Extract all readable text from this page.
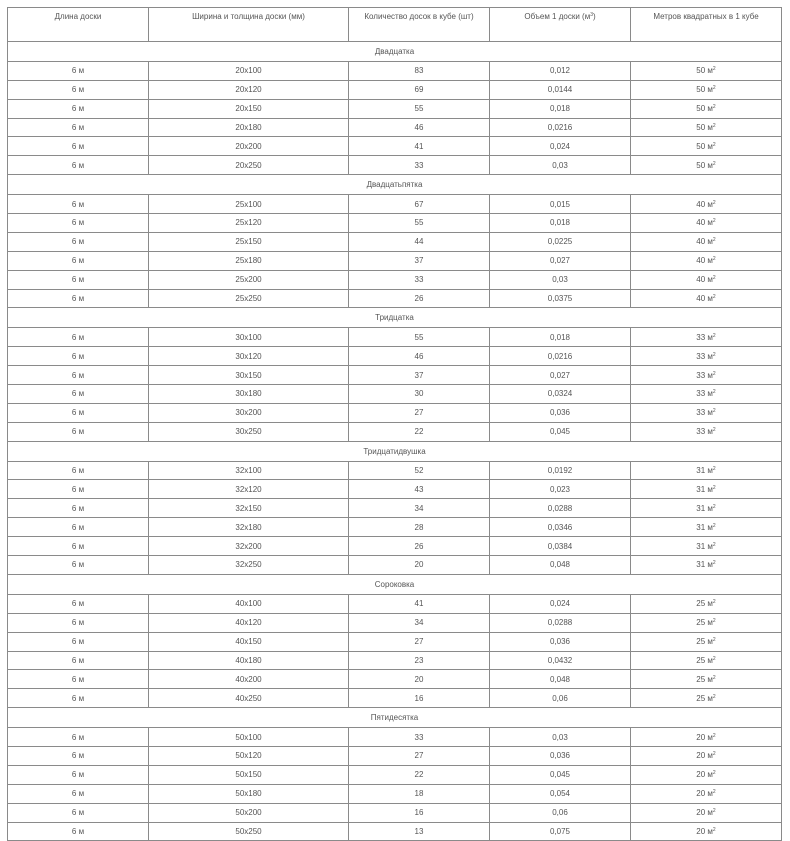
Длина доски	Ширина и толщина доски (мм)	Количество досок в кубе (шт)	Объем 1 доски $(м^3)$	Метров квадратных в 1 кубе
Двадцатка				
6 м	20х100	83	0,012	50 $м^2$
6 м	20х120	69	0,0144	50 $м^2$
6 м	20х150	55	0,018	50 $м^2$
6 м	20х180	46	0,0216	50 $м^2$
6 м	20х200	41	0,024	50 $м^2$
6 м	20х250	33	0,03	50 $м^2$
Двадцатьпятка				
6 м	25х100	67	0,015	40 $м^2$
6 м	25х120	55	0,018	40 $м^2$
6 м	25х150	44	0,0225	40 $м^2$
6 м	25х180	37	0,027	40 $м^2$
6 м	25х200	33	0,03	40 $м^2$
6 м	25х250	26	0,0375	40 $м^2$
Тридцатка				
6 м	30х100	55	0,018	33 $м^2$
6 м	30х120	46	0,0216	33 $м^2$
6 м	30х150	37	0,027	33 $м^2$
6 м	30х180	30	0,0324	33 $м^2$
6 м	30х200	27	0,036	33 $м^2$
6 м	30х250	22	0,045	33 $м^2$
Тридцатидвушка				
6 м	32х100	52	0,0192	31 $м^2$
6 м	32х120	43	0,023	31 $м^2$
6 м	32х150	34	0,0288	31 $м^2$
6 м	32х180	28	0,0346	31 $м^2$
6 м	32х200	26	0,0384	31 $м^2$
6 м	32х250	20	0,048	31 $м^2$
Сороковка				
6 м	40х100	41	0,024	25 $м^2$
6 м	40х120	34	0,0288	25 $м^2$
6 м	40х150	27	0,036	25 $м^2$
6 м	40х180	23	0,0432	25 $м^2$
6 м	40х200	20	0,048	25 $м^2$
6 м	40х250	16	0,06	25 $м^2$
Пятидесятка				
6 м	50х100	33	0,03	20 $м^2$
6 м	50х120	27	0,036	20 $м^2$
6 м	50х150	22	0,045	20 $м^2$
6 м	50х180	18	0,054	20 $м^2$
6 м	50х200	16	0,06	20 $м^2$
6 м	50х250	13	0,075	20 $м^2$
